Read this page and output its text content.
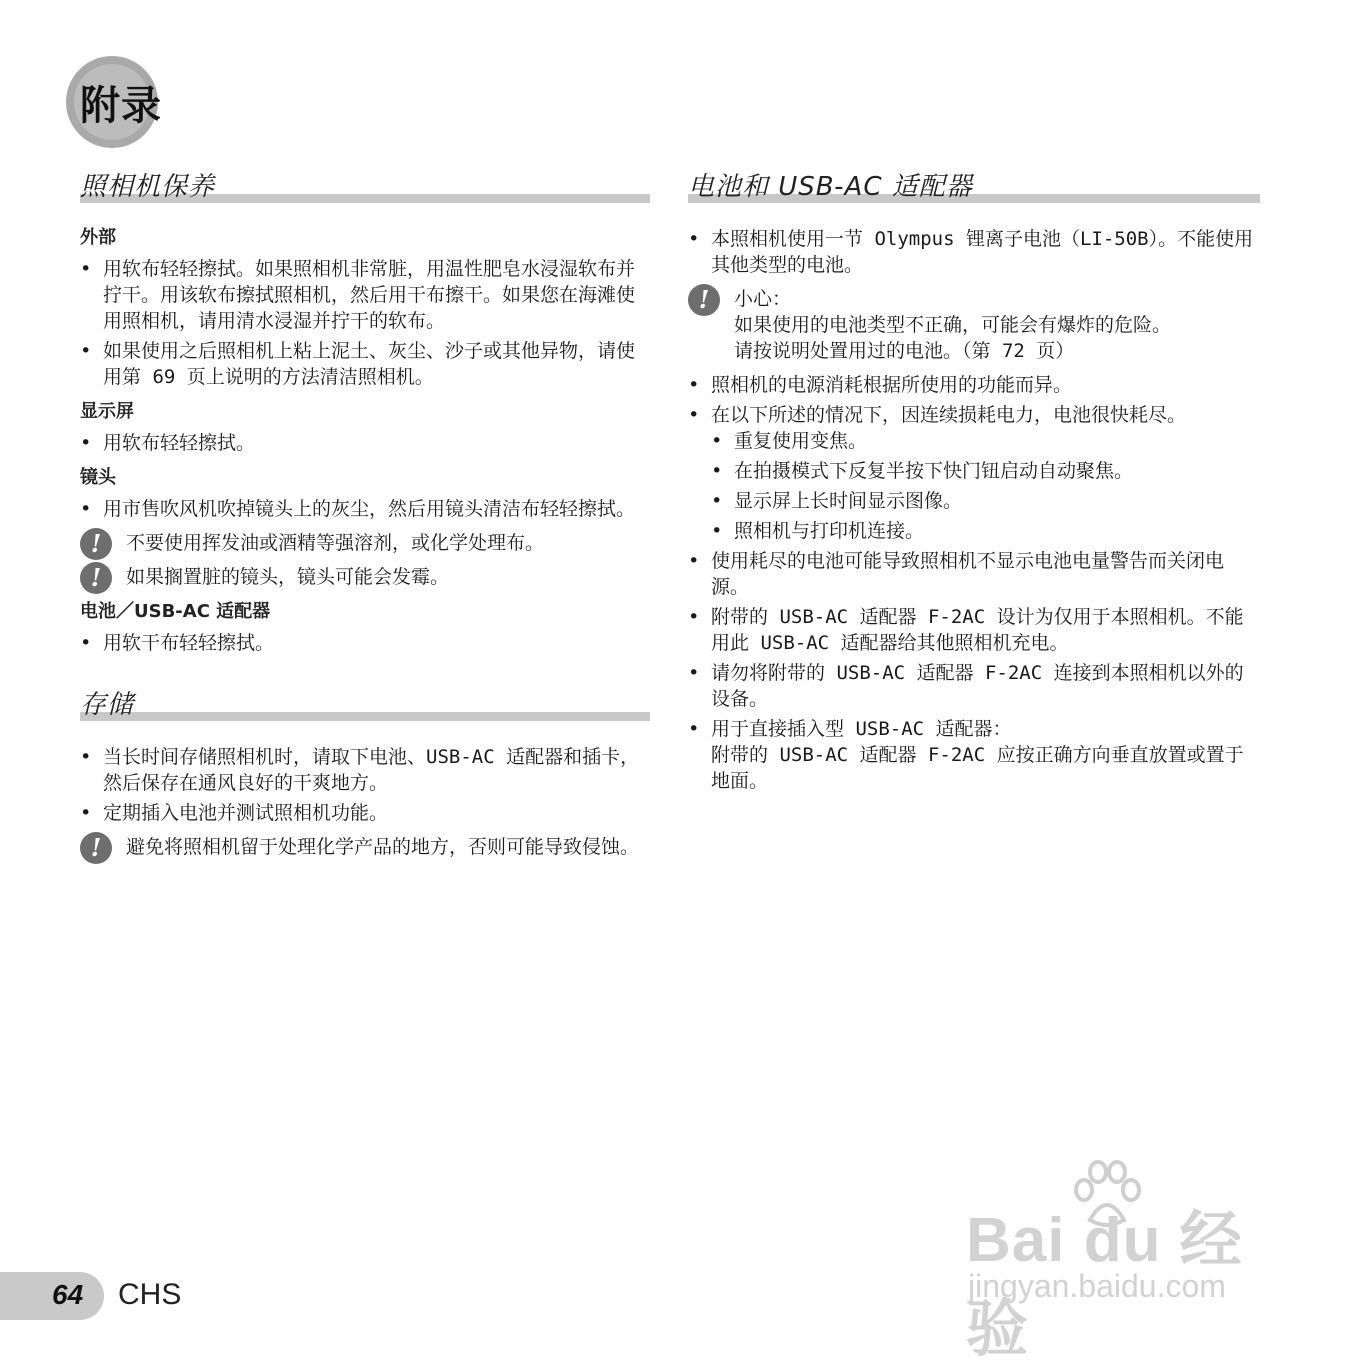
附录
照相机保养
外部
• 用软布轻轻擦拭。如果照相机非常脏，用温性肥皂水浸湿软布并拧干。用该软布擦拭照相机，然后用干布擦干。如果您在海滩使用照相机，请用清水浸湿并拧干的软布。
• 如果使用之后照相机上粘上泥土、灰尘、沙子或其他异物，请使用第 69 页上说明的方法清洁照相机。
显示屏
• 用软布轻轻擦拭。
镜头
• 用市售吹风机吹掉镜头上的灰尘，然后用镜头清洁布轻轻擦拭。
!	不要使用挥发油或酒精等强溶剂，或化学处理布。
!	如果搁置脏的镜头，镜头可能会发霉。
电池／USB-AC 适配器
• 用软干布轻轻擦拭。
存储
• 当长时间存储照相机时，请取下电池、USB-AC 适配器和插卡，然后保存在通风良好的干爽地方。
• 定期插入电池并测试照相机功能。
!	避免将照相机留于处理化学产品的地方，否则可能导致侵蚀。
电池和 USB-AC 适配器
• 本照相机使用一节 Olympus 锂离子电池（LI-50B）。不能使用其他类型的电池。
!	小心：
如果使用的电池类型不正确，可能会有爆炸的危险。
请按说明处置用过的电池。（第 72 页）
• 照相机的电源消耗根据所使用的功能而异。
• 在以下所述的情况下，因连续损耗电力，电池很快耗尽。
• 重复使用变焦。
• 在拍摄模式下反复半按下快门钮启动自动聚焦。
• 显示屏上长时间显示图像。
• 照相机与打印机连接。
• 使用耗尽的电池可能导致照相机不显示电池电量警告而关闭电源。
• 附带的 USB-AC 适配器 F-2AC 设计为仅用于本照相机。不能用此 USB-AC 适配器给其他照相机充电。
• 请勿将附带的 USB-AC 适配器 F-2AC 连接到本照相机以外的设备。
• 用于直接插入型 USB-AC 适配器：
附带的 USB-AC 适配器 F-2AC 应按正确方向垂直放置或置于地面。
64 CHS
Bai du 经验
jingyan.baidu.com
